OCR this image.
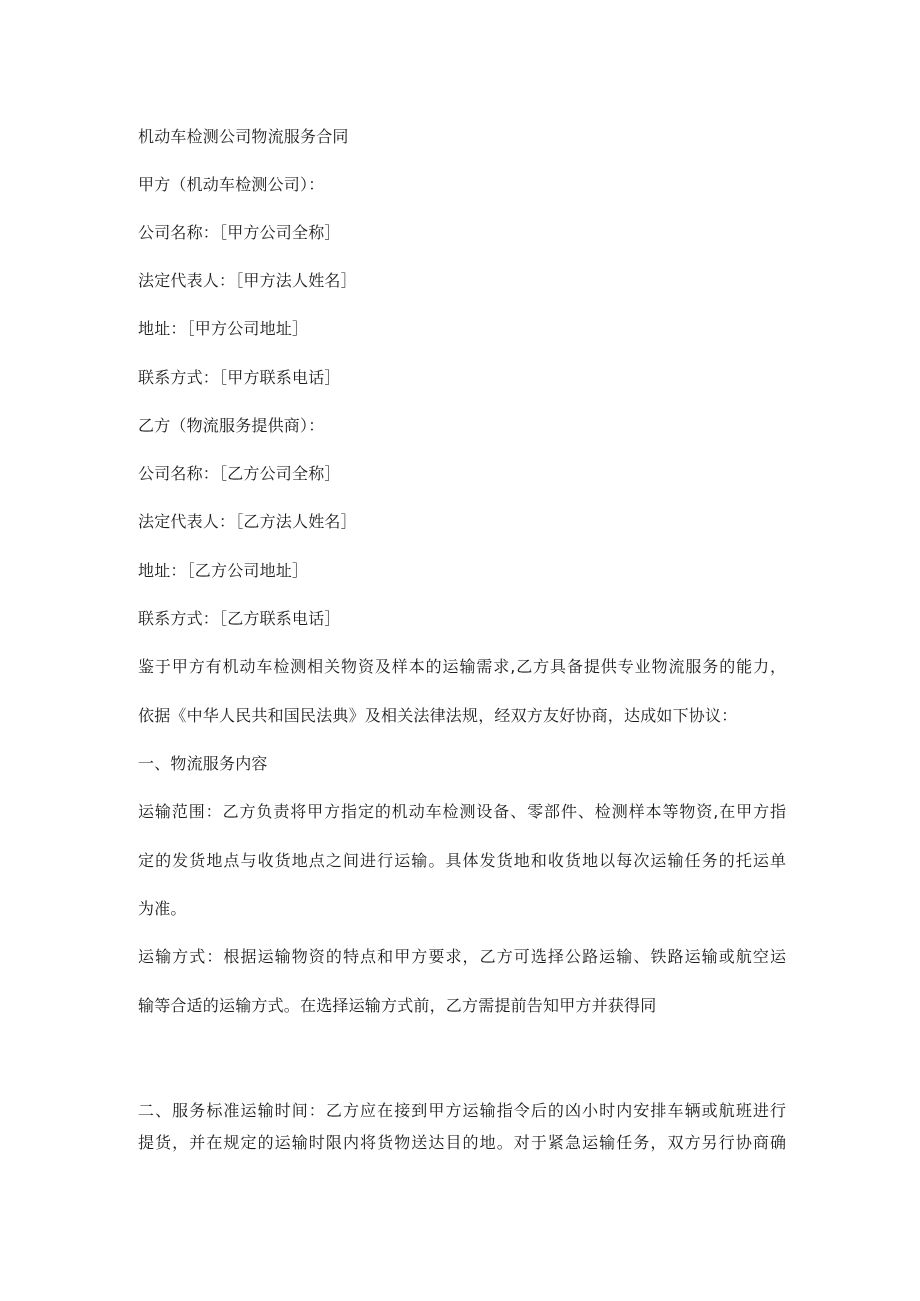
机动车检测公司物流服务合同
甲方（机动车检测公司）：
公司名称：［甲方公司全称］
法定代表人：［甲方法人姓名］
地址：［甲方公司地址］
联系方式：［甲方联系电话］
乙方（物流服务提供商）：
公司名称：［乙方公司全称］
法定代表人：［乙方法人姓名］
地址：［乙方公司地址］
联系方式：［乙方联系电话］
鉴于甲方有机动车检测相关物资及样本的运输需求,乙方具备提供专业物流服务的能力，
依据《中华人民共和国民法典》及相关法律法规，经双方友好协商，达成如下协议：
一、物流服务内容
运输范围：乙方负责将甲方指定的机动车检测设备、零部件、检测样本等物资,在甲方指
定的发货地点与收货地点之间进行运输。具体发货地和收货地以每次运输任务的托运单
为准。
运输方式：根据运输物资的特点和甲方要求，乙方可选择公路运输、铁路运输或航空运
输等合适的运输方式。在选择运输方式前，乙方需提前告知甲方并获得同
二、服务标准运输时间：乙方应在接到甲方运输指令后的凶小时内安排车辆或航班进行
提货，并在规定的运输时限内将货物送达目的地。对于紧急运输任务，双方另行协商确
